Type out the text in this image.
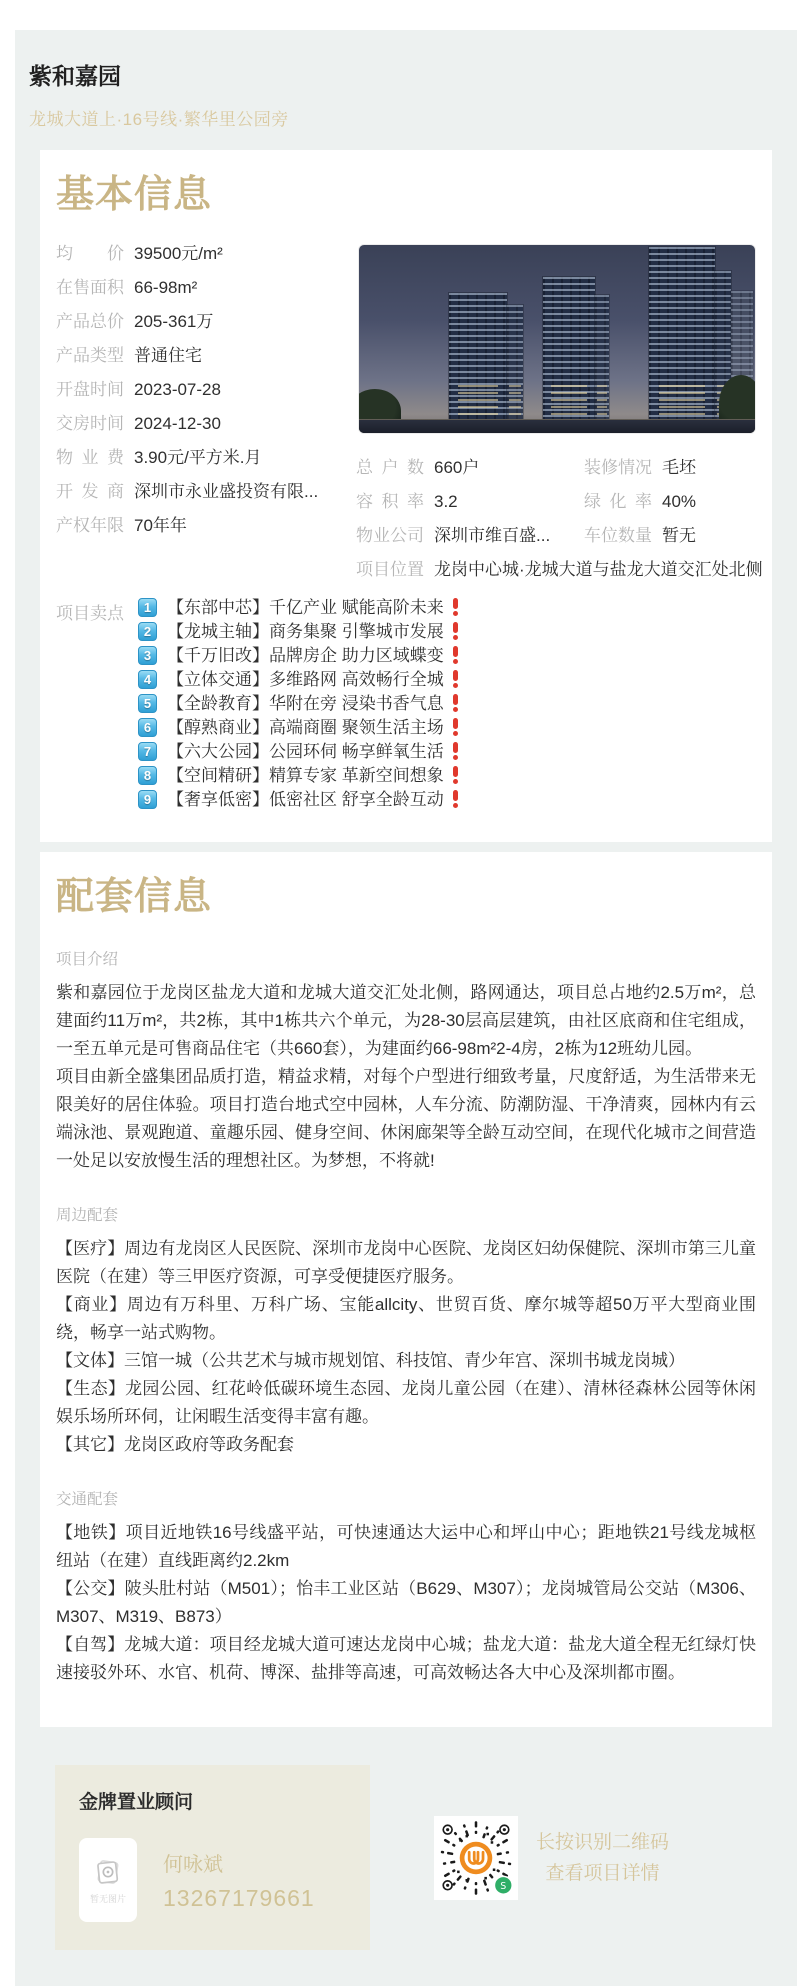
紫和嘉园
龙城大道上·16号线·繁华里公园旁
基本信息
均价 39500元/m²
在售面积 66-98m²
产品总价 205-361万
产品类型 普通住宅
开盘时间 2023-07-28
交房时间 2024-12-30
物业费 3.90元/平方米.月
开发商 深圳市永业盛投资有限...
产权年限 70年年
总户数 660户	装修情况 毛坯
容积率 3.2	绿化率 40%
物业公司 深圳市维百盛... 车位数量 暂无
项目位置 龙岗中心城·龙城大道与盐龙大道交汇处北侧
项目卖点	1 【东部中芯】千亿产业 赋能高阶未来
2 【龙城主轴】商务集聚 引擎城市发展
3 【千万旧改】品牌房企 助力区域蝶变
4 【立体交通】多维路网 高效畅行全城
5 【全龄教育】华附在旁 浸染书香气息
6 【醇熟商业】高端商圈 聚领生活主场
7 【六大公园】公园环伺 畅享鲜氧生活
8 【空间精研】精算专家 革新空间想象
9 【奢享低密】低密社区 舒享全龄互动
配套信息
项目介绍

紫和嘉园位于龙岗区盐龙大道和龙城大道交汇处北侧，路网通达，项目总占地约2.5万m²，总建面约11万m²，共2栋，其中1栋共六个单元，为28-30层高层建筑，由社区底商和住宅组成，一至五单元是可售商品住宅（共660套），为建面约66-98m²2-4房，2栋为12班幼儿园。

项目由新全盛集团品质打造，精益求精，对每个户型进行细致考量，尺度舒适，为生活带来无限美好的居住体验。项目打造台地式空中园林，人车分流、防潮防湿、干净清爽，园林内有云端泳池、景观跑道、童趣乐园、健身空间、休闲廊架等全龄互动空间，在现代化城市之间营造一处足以安放慢生活的理想社区。为梦想，不将就!

周边配套

【医疗】周边有龙岗区人民医院、深圳市龙岗中心医院、龙岗区妇幼保健院、深圳市第三儿童医院（在建）等三甲医疗资源，可享受便捷医疗服务。

【商业】周边有万科里、万科广场、宝能allcity、世贸百货、摩尔城等超50万平大型商业围绕，畅享一站式购物。

【文体】三馆一城（公共艺术与城市规划馆、科技馆、青少年宫、深圳书城龙岗城）

【生态】龙园公园、红花岭低碳环境生态园、龙岗儿童公园（在建）、清林径森林公园等休闲娱乐场所环伺，让闲暇生活变得丰富有趣。

【其它】龙岗区政府等政务配套

交通配套

【地铁】项目近地铁16号线盛平站，可快速通达大运中心和坪山中心；距地铁21号线龙城枢纽站（在建）直线距离约2.2km

【公交】陂头肚村站（M501）；怡丰工业区站（B629、M307）；龙岗城管局公交站（M306、M307、M319、B873）

【自驾】龙城大道：项目经龙城大道可速达龙岗中心城；盐龙大道：盐龙大道全程无红绿灯快速接驳外环、水官、机荷、博深、盐排等高速，可高效畅达各大中心及深圳都市圈。

金牌置业顾问
暂无图片
何咏斌
13267179661	S
长按识别二维码
查看项目详情
